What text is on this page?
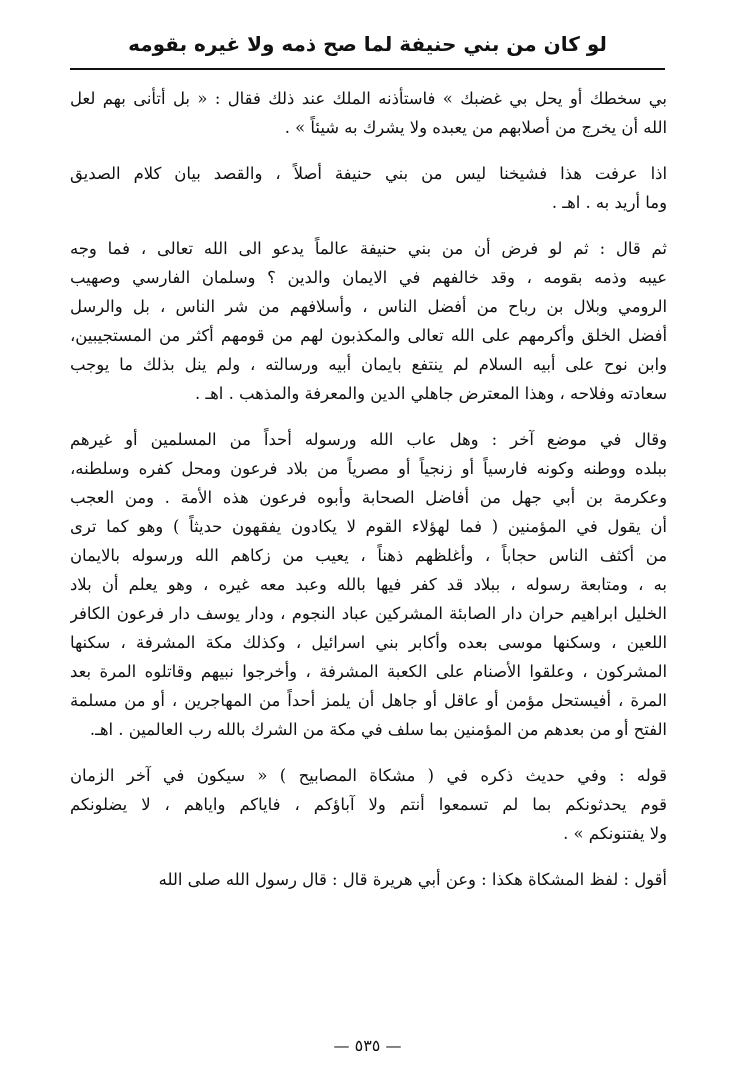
لو كان من بني حنيفة لما صح ذمه ولا غيره بقومه

بي سخطك أو يحل بي غضبك » فاستأذنه الملك عند ذلك فقال : « بل أتأنى بهم لعل
الله أن يخرج من أصلابهم من يعبده ولا يشرك به شيئاً » .

اذا عرفت هذا فشيخنا ليس من بني حنيفة أصلاً ، والقصد بيان كلام الصديق
وما أريد به . اهـ .

ثم قال : ثم لو فرض أن من بني حنيفة عالماً يدعو الى الله تعالى ، فما وجه
عيبه وذمه بقومه ، وقد خالفهم في الايمان والدين ؟ وسلمان الفارسي وصهيب
الرومي وبلال بن رباح من أفضل الناس ، وأسلافهم من شر الناس ، بل والرسل
أفضل الخلق وأكرمهم على الله تعالى والمكذبون لهم من قومهم أكثر من المستجيبين،
وابن نوح على أبيه السلام لم ينتفع بايمان أبيه ورسالته ، ولم ينل بذلك ما يوجب
سعادته وفلاحه ، وهذا المعترض جاهلي الدين والمعرفة والمذهب . اهـ .

وقال في موضع آخر : وهل عاب الله ورسوله أحداً من المسلمين أو غيرهم
ببلده ووطنه وكونه فارسياً أو زنجياً أو مصرياً من بلاد فرعون ومحل كفره وسلطنه،
وعكرمة بن أبي جهل من أفاضل الصحابة وأبوه فرعون هذه الأمة . ومن العجب
أن يقول في المؤمنين ( فما لهؤلاء القوم لا يكادون يفقهون حديثاً ) وهو كما ترى
من أكثف الناس حجاباً ، وأغلظهم ذهناً ، يعيب من زكاهم الله ورسوله بالايمان
به ، ومتابعة رسوله ، ببلاد قد كفر فيها بالله وعبد معه غيره ، وهو يعلم أن بلاد
الخليل ابراهيم حران دار الصابئة المشركين عباد النجوم ، ودار يوسف دار فرعون الكافر
اللعين ، وسكنها موسى بعده وأكابر بني اسرائيل ، وكذلك مكة المشرفة ، سكنها
المشركون ، وعلقوا الأصنام على الكعبة المشرفة ، وأخرجوا نبيهم وقاتلوه المرة بعد
المرة ، أفيستحل مؤمن أو عاقل أو جاهل أن يلمز أحداً من المهاجرين ، أو من مسلمة
الفتح أو من بعدهم من المؤمنين بما سلف في مكة من الشرك بالله رب العالمين . اهـ.

قوله : وفي حديث ذكره في ( مشكاة المصابيح ) « سيكون في آخر الزمان
قوم يحدثونكم بما لم تسمعوا أنتم ولا آباؤكم ، فاياكم واياهم ، لا يضلونكم
ولا يفتنونكم » .

أقول : لفظ المشكاة هكذا : وعن أبي هريرة قال : قال رسول الله صلى الله

— ٥٣٥ —
